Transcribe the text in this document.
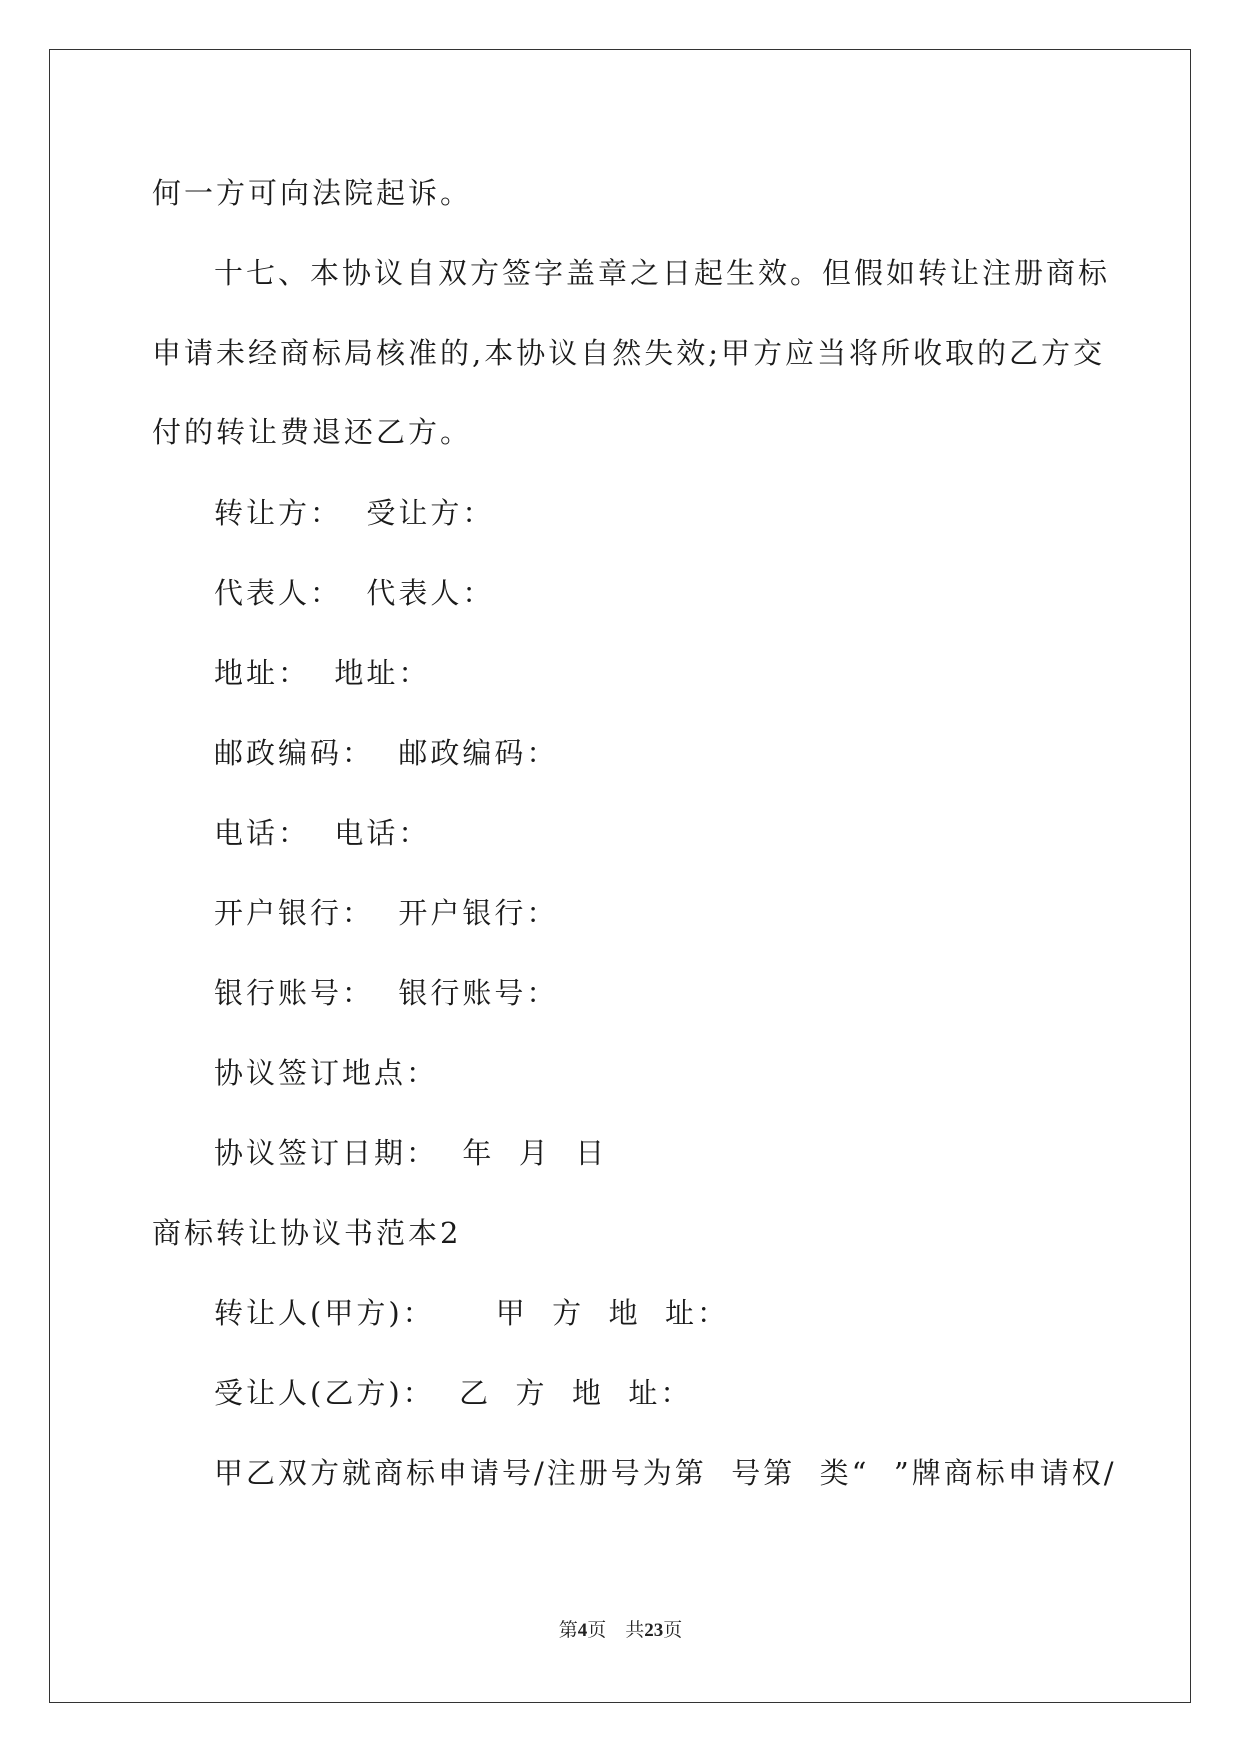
何一方可向法院起诉。
十七、本协议自双方签字盖章之日起生效。但假如转让注册商标
申请未经商标局核准的,本协议自然失效;甲方应当将所收取的乙方交
付的转让费退还乙方。
转让方：  受让方：
代表人：  代表人：
地址：  地址：
邮政编码：  邮政编码：
电话：  电话：
开户银行：  开户银行：
银行账号：  银行账号：
协议签订地点：
协议签订日期：  年  月  日
商标转让协议书范本2
转让人(甲方)：     甲  方  地  址：
受让人(乙方)：  乙  方  地  址：
甲乙双方就商标申请号/注册号为第  号第  类“  ”牌商标申请权/
第4页    共23页
